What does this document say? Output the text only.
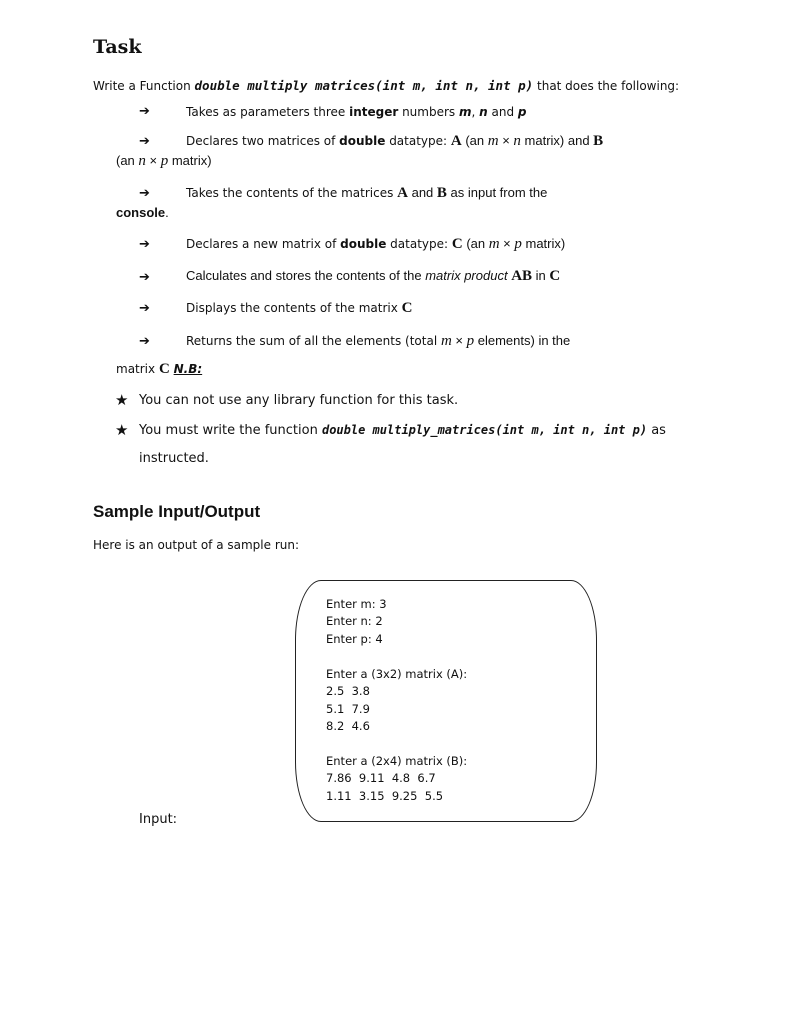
Task
Write a Function double multiply matrices(int m, int n, int p) that does the following:
➔	Takes as parameters three integer numbers m, n and p
➔	Declares two matrices of double datatype: A (an m × n matrix) and B
(an n × p matrix)
➔	Takes the contents of the matrices A and B as input from the
console.
➔	Declares a new matrix of double datatype: C (an m × p matrix)
➔	Calculates and stores the contents of the matrix product AB in C
➔	Displays the contents of the matrix C
➔	Returns the sum of all the elements (total m × p elements) in the
matrix C N.B:
★ You can not use any library function for this task.
★ You must write the function double multiply_matrices(int m, int n, int p) as
instructed.
Sample Input/Output
Here is an output of a sample run:
Enter m: 3
Enter n: 2
Enter p: 4
Enter a (3x2) matrix (A):
2.5  3.8
5.1  7.9
8.2  4.6
Enter a (2x4) matrix (B):
7.86  9.11  4.8  6.7
1.11  3.15  9.25  5.5
Input:
